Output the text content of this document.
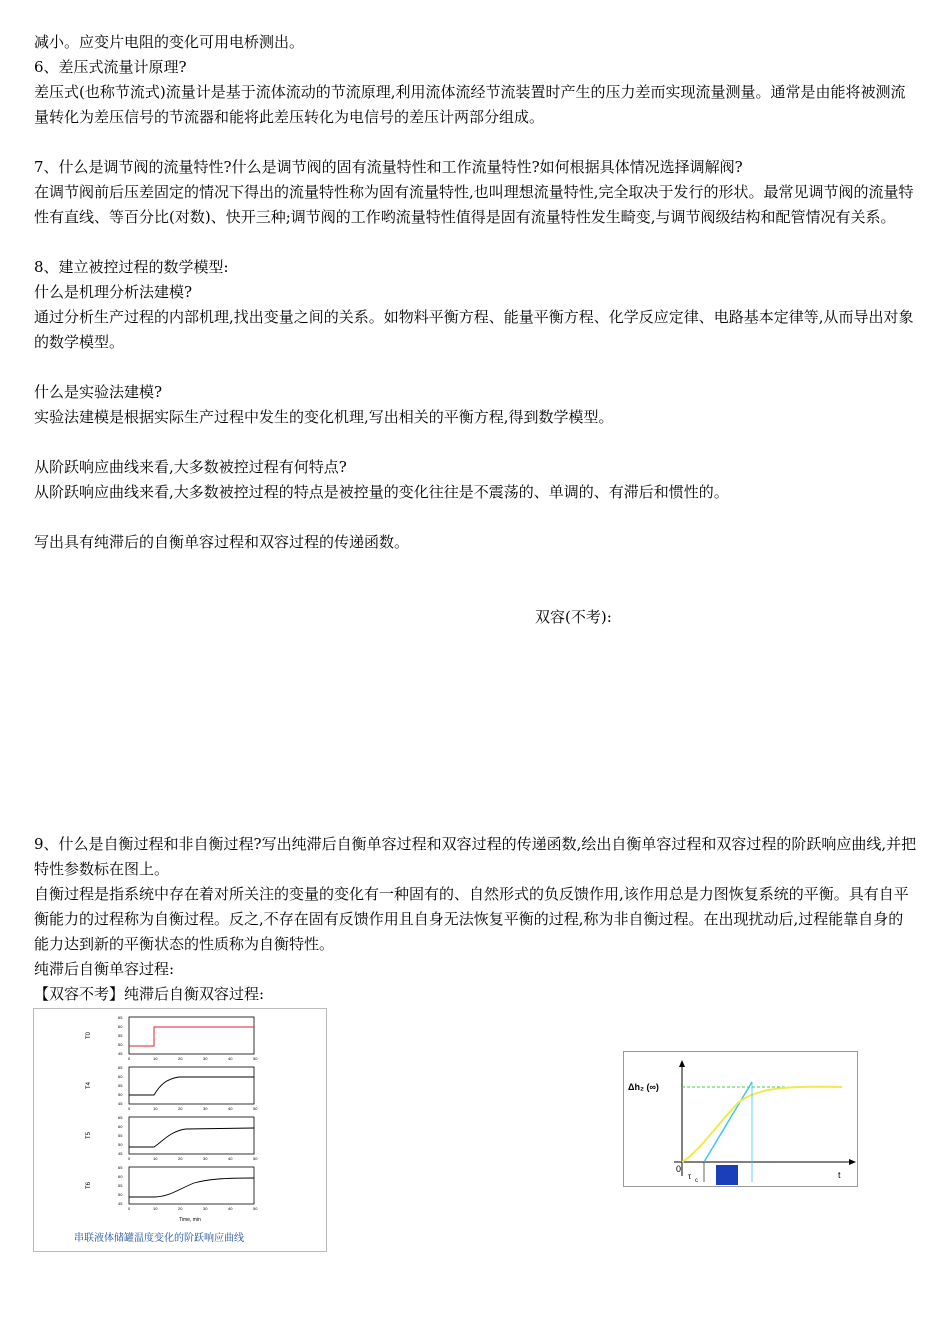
减小。应变片电阻的变化可用电桥测出。

6、差压式流量计原理?

差压式(也称节流式)流量计是基于流体流动的节流原理,利用流体流经节流装置时产生的压力差而实现流量测量。通常是由能将被测流量转化为差压信号的节流器和能将此差压转化为电信号的差压计两部分组成。

7、什么是调节阀的流量特性?什么是调节阀的固有流量特性和工作流量特性?如何根据具体情况选择调解阀?

在调节阀前后压差固定的情况下得出的流量特性称为固有流量特性,也叫理想流量特性,完全取决于发行的形状。最常见调节阀的流量特性有直线、等百分比(对数)、快开三种;调节阀的工作哟流量特性值得是固有流量特性发生畸变,与调节阀级结构和配管情况有关系。

8、建立被控过程的数学模型:

什么是机理分析法建模?

通过分析生产过程的内部机理,找出变量之间的关系。如物料平衡方程、能量平衡方程、化学反应定律、电路基本定律等,从而导出对象的数学模型。

什么是实验法建模?

实验法建模是根据实际生产过程中发生的变化机理,写出相关的平衡方程,得到数学模型。

从阶跃响应曲线来看,大多数被控过程有何特点?

从阶跃响应曲线来看,大多数被控过程的特点是被控量的变化往往是不震荡的、单调的、有滞后和惯性的。

写出具有纯滞后的自衡单容过程和双容过程的传递函数。

双容(不考):

9、什么是自衡过程和非自衡过程?写出纯滞后自衡单容过程和双容过程的传递函数,绘出自衡单容过程和双容过程的阶跃响应曲线,并把特性参数标在图上。

自衡过程是指系统中存在着对所关注的变量的变化有一种固有的、自然形式的负反馈作用,该作用总是力图恢复系统的平衡。具有自平衡能力的过程称为自衡过程。反之,不存在固有反馈作用且自身无法恢复平衡的过程,称为非自衡过程。在出现扰动后,过程能靠自身的能力达到新的平衡状态的性质称为自衡特性。

纯滞后自衡单容过程:

【双容不考】纯滞后自衡双容过程:

T0
T4
T5
T6
65
60
55
50
45
0	10	20	30	40	50
65
60
55
50
45
0	10	20	30	40	50
65
60
55
50
45
0	10	20	30	40	50
65
60
55
50
45
0	10	20	30	40	50
Time, min
串联液体储罐温度变化的阶跃响应曲线
Δh₂ (∞)
0
τ c
t
